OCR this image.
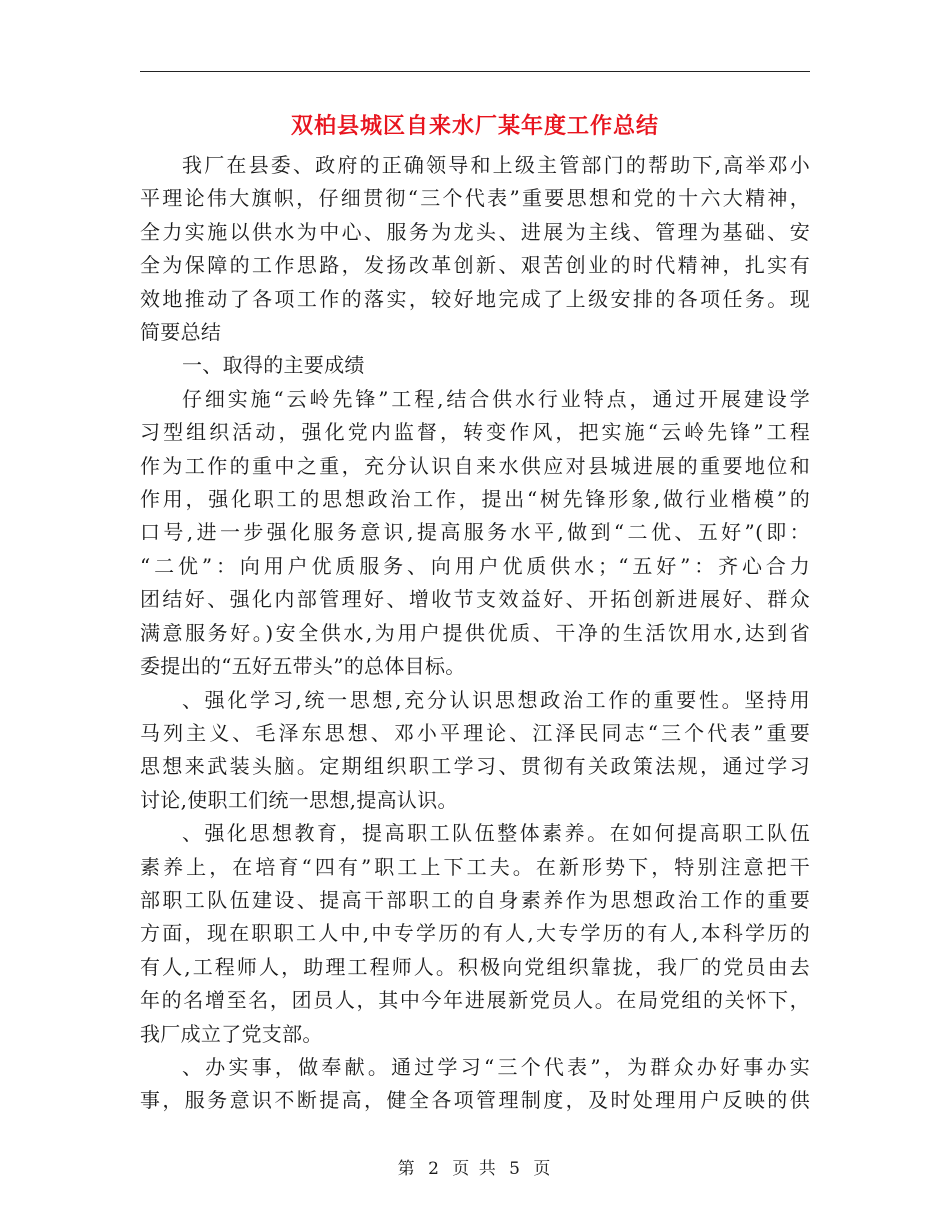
双柏县城区自来水厂某年度工作总结

我厂在县委、政府的正确领导和上级主管部门的帮助下,高举邓小
平理论伟大旗帜，仔细贯彻“三个代表”重要思想和党的十六大精神，
全力实施以供水为中心、服务为龙头、进展为主线、管理为基础、安
全为保障的工作思路，发扬改革创新、艰苦创业的时代精神，扎实有
效地推动了各项工作的落实，较好地完成了上级安排的各项任务。现
简要总结

一、取得的主要成绩

仔细实施“云岭先锋”工程,结合供水行业特点，通过开展建设学
习型组织活动，强化党内监督，转变作风，把实施“云岭先锋”工程
作为工作的重中之重，充分认识自来水供应对县城进展的重要地位和
作用，强化职工的思想政治工作，提出“树先锋形象,做行业楷模”的
口号,进一步强化服务意识,提高服务水平,做到“二优、五好”(即：
“二优”：向用户优质服务、向用户优质供水；“五好”：齐心合力
团结好、强化内部管理好、增收节支效益好、开拓创新进展好、群众
满意服务好。)安全供水,为用户提供优质、干净的生活饮用水,达到省
委提出的“五好五带头”的总体目标。

、强化学习,统一思想,充分认识思想政治工作的重要性。坚持用
马列主义、毛泽东思想、邓小平理论、江泽民同志“三个代表”重要
思想来武装头脑。定期组织职工学习、贯彻有关政策法规，通过学习
讨论,使职工们统一思想,提高认识。

、强化思想教育，提高职工队伍整体素养。在如何提高职工队伍
素养上，在培育“四有”职工上下工夫。在新形势下，特别注意把干
部职工队伍建设、提高干部职工的自身素养作为思想政治工作的重要
方面，现在职职工人中,中专学历的有人,大专学历的有人,本科学历的
有人,工程师人，助理工程师人。积极向党组织靠拢，我厂的党员由去
年的名增至名，团员人，其中今年进展新党员人。在局党组的关怀下，
我厂成立了党支部。

、办实事，做奉献。通过学习“三个代表”，为群众办好事办实
事，服务意识不断提高，健全各项管理制度，及时处理用户反映的供

第 2 页 共 5 页
